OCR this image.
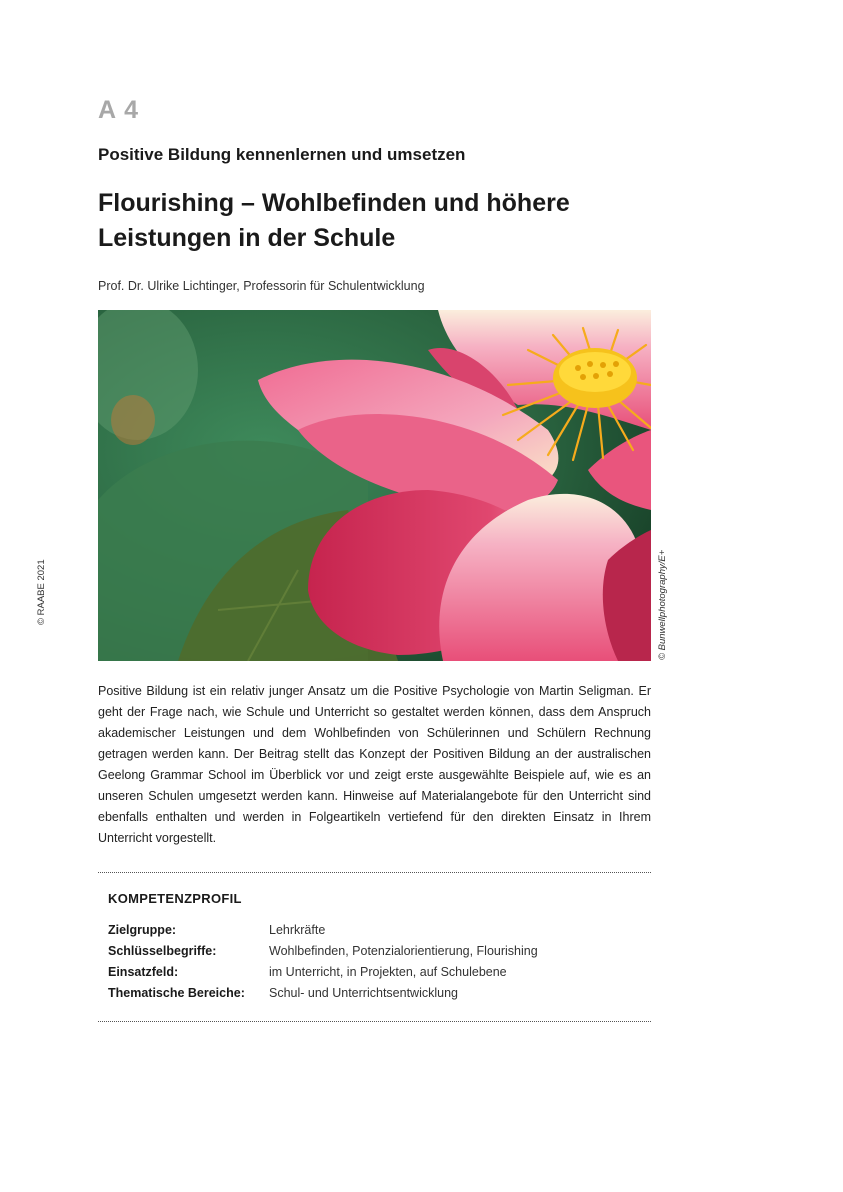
A 4
Positive Bildung kennenlernen und umsetzen
Flourishing – Wohlbefinden und höhere
Leistungen in der Schule
Prof. Dr. Ulrike Lichtinger, Professorin für Schulentwicklung
© RAABE 2021	© Bunwellphotography/E+

Positive Bildung ist ein relativ junger Ansatz um die Positive Psychologie von Martin Seligman. Er geht der Frage nach, wie Schule und Unterricht so gestaltet werden können, dass dem Anspruch akademischer Leistungen und dem Wohlbefinden von Schülerinnen und Schülern Rechnung getragen werden kann. Der Beitrag stellt das Konzept der Positiven Bildung an der australischen Geelong Grammar School im Überblick vor und zeigt erste ausgewählte Beispiele auf, wie es an unseren Schulen umgesetzt werden kann. Hinweise auf Materialangebote für den Unterricht sind ebenfalls enthalten und werden in Folgeartikeln vertiefend für den direkten Einsatz in Ihrem Unterricht vorgestellt.

KOMPETENZPROFIL
Zielgruppe:	Lehrkräfte
Schlüsselbegriffe:	Wohlbefinden, Potenzialorientierung, Flourishing
Einsatzfeld:	im Unterricht, in Projekten, auf Schulebene
Thematische Bereiche:	Schul- und Unterrichtsentwicklung
